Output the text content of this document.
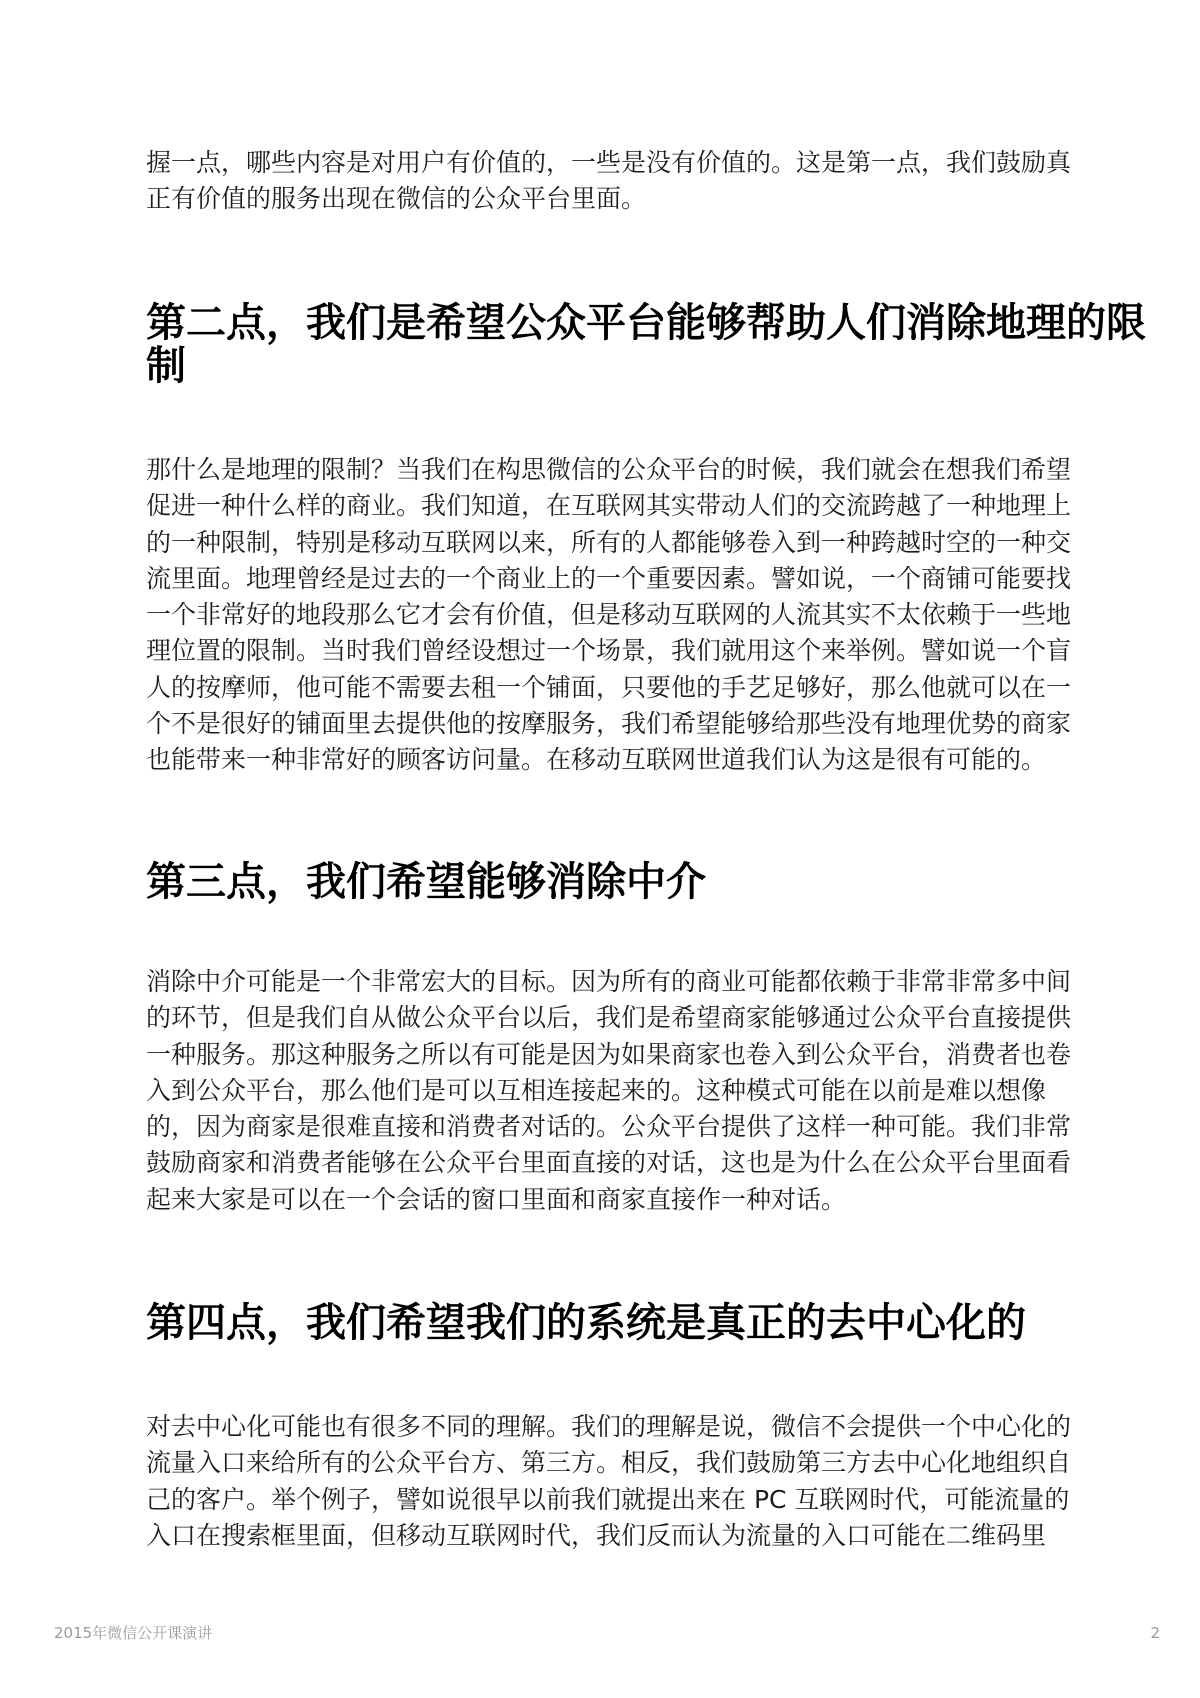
握一点，哪些内容是对用户有价值的，一些是没有价值的。这是第一点，我们鼓励真
正有价值的服务出现在微信的公众平台里面。
第二点，我们是希望公众平台能够帮助人们消除地理的限
制
那什么是地理的限制？当我们在构思微信的公众平台的时候，我们就会在想我们希望
促进一种什么样的商业。我们知道，在互联网其实带动人们的交流跨越了一种地理上
的一种限制，特别是移动互联网以来，所有的人都能够卷入到一种跨越时空的一种交
流里面。地理曾经是过去的一个商业上的一个重要因素。譬如说，一个商铺可能要找
一个非常好的地段那么它才会有价值，但是移动互联网的人流其实不太依赖于一些地
理位置的限制。当时我们曾经设想过一个场景，我们就用这个来举例。譬如说一个盲
人的按摩师，他可能不需要去租一个铺面，只要他的手艺足够好，那么他就可以在一
个不是很好的铺面里去提供他的按摩服务，我们希望能够给那些没有地理优势的商家
也能带来一种非常好的顾客访问量。在移动互联网世道我们认为这是很有可能的。
第三点，我们希望能够消除中介
消除中介可能是一个非常宏大的目标。因为所有的商业可能都依赖于非常非常多中间
的环节，但是我们自从做公众平台以后，我们是希望商家能够通过公众平台直接提供
一种服务。那这种服务之所以有可能是因为如果商家也卷入到公众平台，消费者也卷
入到公众平台，那么他们是可以互相连接起来的。这种模式可能在以前是难以想像
的，因为商家是很难直接和消费者对话的。公众平台提供了这样一种可能。我们非常
鼓励商家和消费者能够在公众平台里面直接的对话，这也是为什么在公众平台里面看
起来大家是可以在一个会话的窗口里面和商家直接作一种对话。
第四点，我们希望我们的系统是真正的去中心化的
对去中心化可能也有很多不同的理解。我们的理解是说，微信不会提供一个中心化的
流量入口来给所有的公众平台方、第三方。相反，我们鼓励第三方去中心化地组织自
己的客户。举个例子，譬如说很早以前我们就提出来在 PC 互联网时代，可能流量的
入口在搜索框里面，但移动互联网时代，我们反而认为流量的入口可能在二维码里
2015年微信公开课演讲	2
